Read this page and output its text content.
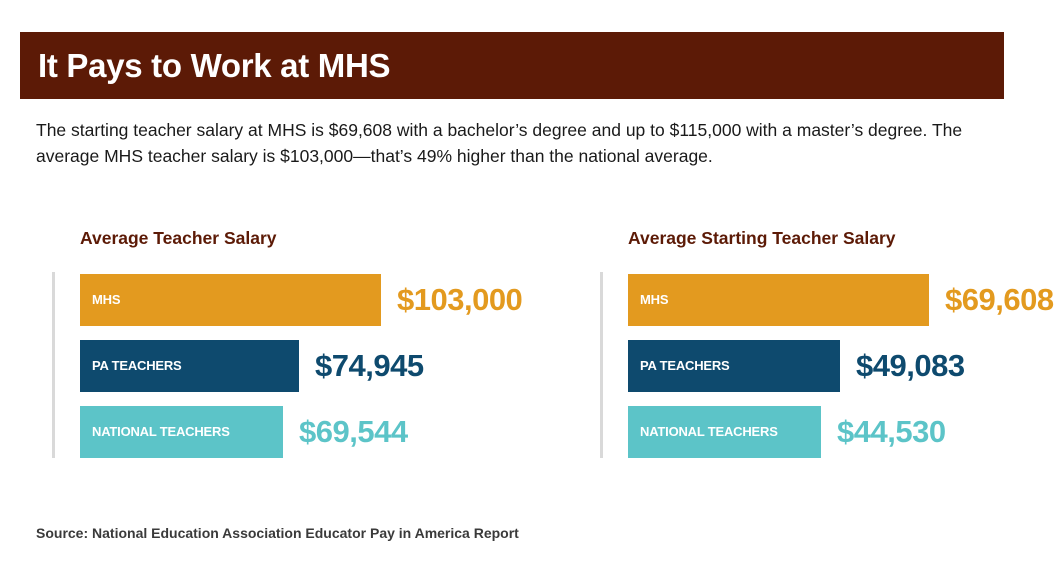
It Pays to Work at MHS
The starting teacher salary at MHS is $69,608 with a bachelor’s degree and up to $115,000 with a master’s degree. The average MHS teacher salary is $103,000—that’s 49% higher than the national average.
Average Teacher Salary
MHS	$103,000
PA TEACHERS	$74,945
NATIONAL TEACHERS $69,544
Average Starting Teacher Salary
MHS	$69,608
PA TEACHERS	$49,083
NATIONAL TEACHERS $44,530
Source: National Education Association Educator Pay in America Report
